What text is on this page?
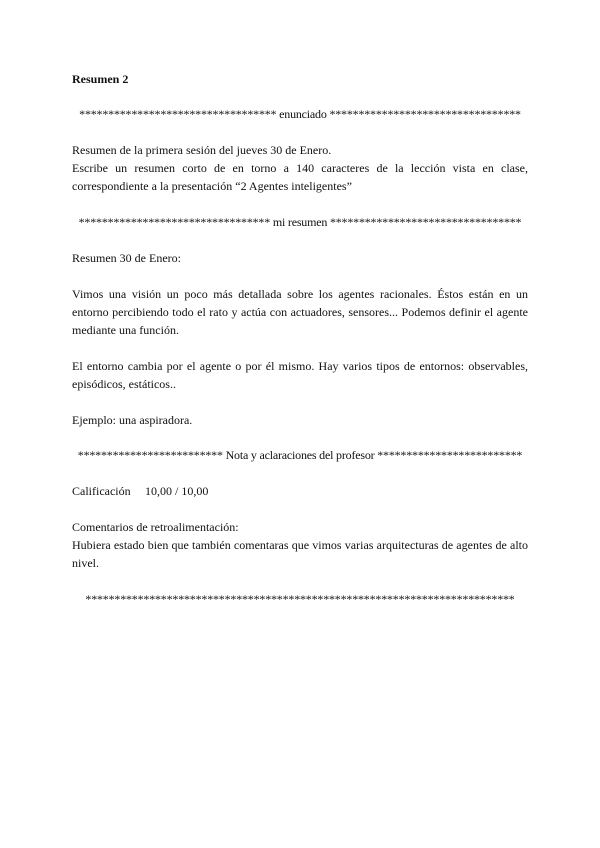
Resumen 2

********************************** enunciado *********************************

Resumen de la primera sesión del jueves 30 de Enero.

Escribe un resumen corto de en torno a 140 caracteres de la lección vista en clase, correspondiente a la presentación “2 Agentes inteligentes”

********************************* mi resumen *********************************

Resumen 30 de Enero:

Vimos una visión un poco más detallada sobre los agentes racionales. Éstos están en un entorno percibiendo todo el rato y actúa con actuadores, sensores... Podemos definir el agente mediante una función.

El entorno cambia por el agente o por él mismo. Hay varios tipos de entornos: observables, episódicos, estáticos..

Ejemplo: una aspiradora.

************************* Nota y aclaraciones del profesor *************************

Calificación 10,00 / 10,00

Comentarios de retroalimentación:

Hubiera estado bien que también comentaras que vimos varias arquitecturas de agentes de alto nivel.

**************************************************************************
